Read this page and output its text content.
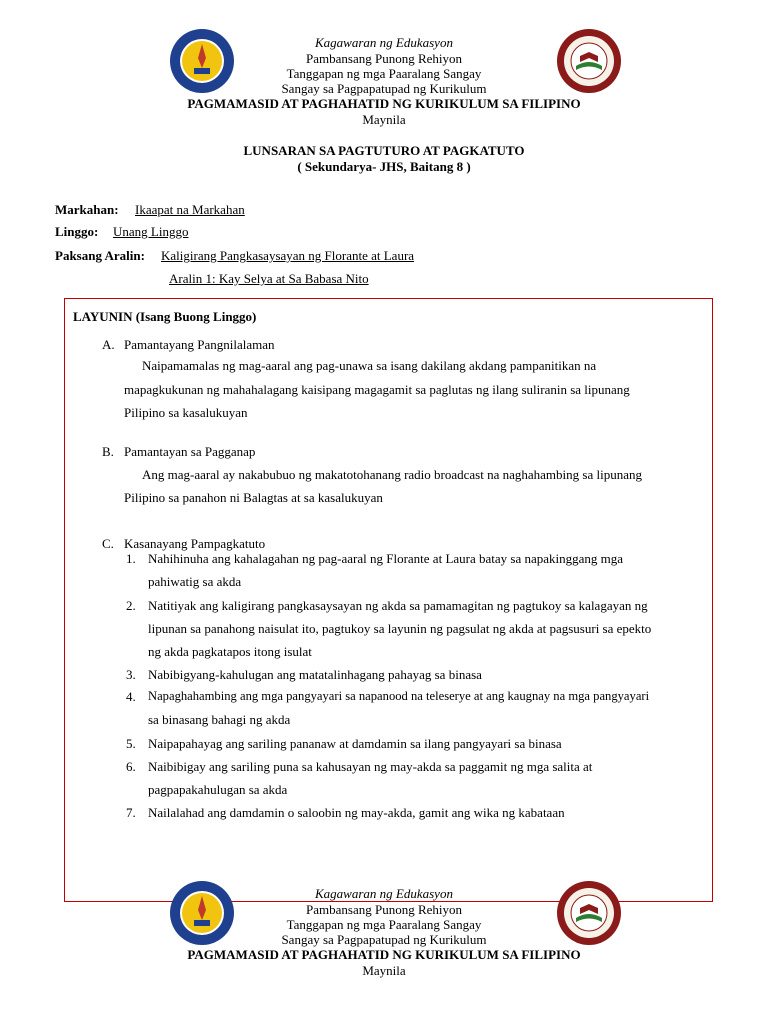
Kagawaran ng Edukasyon
Pambansang Punong Rehiyon
Tanggapan ng mga Paaralang Sangay
Sangay sa Pagpapatupad ng Kurikulum
PAGMAMASID AT PAGHAHATID NG KURIKULUM SA FILIPINO
Maynila
LUNSARAN SA PAGTUTURO AT PAGKATUTO
( Sekundarya- JHS, Baitang 8 )
Markahan: Ikaapat na Markahan
Linggo: Unang Linggo
Paksang Aralin: Kaligirang Pangkasaysayan ng Florante at Laura
Aralin 1: Kay Selya at Sa Babasa Nito
LAYUNIN (Isang Buong Linggo)
A. Pamantayang Pangnilalaman
Naipamamalas ng mag-aaral ang pag-unawa sa isang dakilang akdang pampanitikan na
mapagkukunan ng mahahalagang kaisipang magagamit sa paglutas ng ilang suliranin sa lipunang
Pilipino sa kasalukuyan
B. Pamantayan sa Pagganap
Ang mag-aaral ay nakabubuo ng makatotohanang radio broadcast na naghahambing sa lipunang
Pilipino sa panahon ni Balagtas at sa kasalukuyan
C. Kasanayang Pampagkatuto
1. Nahihinuha ang kahalagahan ng pag-aaral ng Florante at Laura batay sa napakinggang mga
pahiwatig sa akda
2. Natitiyak ang kaligirang pangkasaysayan ng akda sa pamamagitan ng pagtukoy sa kalagayan ng
lipunan sa panahong naisulat ito, pagtukoy sa layunin ng pagsulat ng akda at pagsusuri sa epekto
ng akda pagkatapos itong isulat
3. Nabibigyang-kahulugan ang matatalinhagang pahayag sa binasa
4. Napaghahambing ang mga pangyayari sa napanood na teleserye at ang kaugnay na mga pangyayari
sa binasang bahagi ng akda
5. Naipapahayag ang sariling pananaw at damdamin sa ilang pangyayari sa binasa
6. Naibibigay ang sariling puna sa kahusayan ng may-akda sa paggamit ng mga salita at
pagpapakahulugan sa akda
7. Nailalahad ang damdamin o saloobin ng may-akda, gamit ang wika ng kabataan
Kagawaran ng Edukasyon
Pambansang Punong Rehiyon
Tanggapan ng mga Paaralang Sangay
Sangay sa Pagpapatupad ng Kurikulum
PAGMAMASID AT PAGHAHATID NG KURIKULUM SA FILIPINO
Maynila
